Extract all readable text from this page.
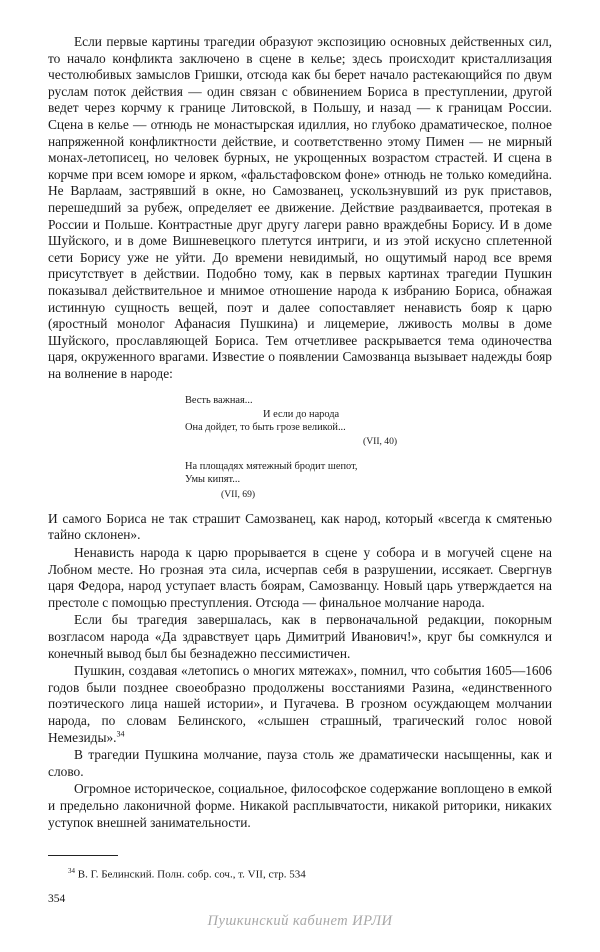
Если первые картины трагедии образуют экспозицию основных действенных сил, то начало конфликта заключено в сцене в келье; здесь происходит кристаллизация честолюбивых замыслов Гришки, отсюда как бы берет начало растекающийся по двум руслам поток действия — один связан с обвинением Бориса в преступлении, другой ведет через корчму к границе Литовской, в Польшу, и назад — к границам России. Сцена в келье — отнюдь не монастырская идиллия, но глубоко драматическое, полное напряженной конфликтности действие, и соответственно этому Пимен — не мирный монах-летописец, но человек бурных, не укрощенных возрастом страстей. И сцена в корчме при всем юморе и ярком, «фальстафовском фоне» отнюдь не только комедийна. Не Варлаам, застрявший в окне, но Самозванец, ускользнувший из рук приставов, перешедший за рубеж, определяет ее движение. Действие раздваивается, протекая в России и Польше. Контрастные друг другу лагери равно враждебны Борису. И в доме Шуйского, и в доме Вишневецкого плетутся интриги, и из этой искусно сплетенной сети Борису уже не уйти. До времени невидимый, но ощутимый народ все время присутствует в действии. Подобно тому, как в первых картинах трагедии Пушкин показывал действительное и мнимое отношение народа к избранию Бориса, обнажая истинную сущность вещей, поэт и далее сопоставляет ненависть бояр к царю (яростный монолог Афанасия Пушкина) и лицемерие, лживость молвы в доме Шуйского, прославляющей Бориса. Тем отчетливее раскрывается тема одиночества царя, окруженного врагами. Известие о появлении Самозванца вызывает надежды бояр на волнение в народе:

Весть важная...
И если до народа
Она дойдет, то быть грозе великой...
(VII, 40)
На площадях мятежный бродит шепот,
Умы кипят...
(VII, 69)

И самого Бориса не так страшит Самозванец, как народ, который «всегда к смятенью тайно склонен».

Ненависть народа к царю прорывается в сцене у собора и в могучей сцене на Лобном месте. Но грозная эта сила, исчерпав себя в разрушении, иссякает. Свергнув царя Федора, народ уступает власть боярам, Самозванцу. Новый царь утверждается на престоле с помощью преступления. Отсюда — финальное молчание народа.

Если бы трагедия завершалась, как в первоначальной редакции, покорным возгласом народа «Да здравствует царь Димитрий Иванович!», круг бы сомкнулся и конечный вывод был бы безнадежно пессимистичен.

Пушкин, создавая «летопись о многих мятежах», помнил, что события 1605—1606 годов были позднее своеобразно продолжены восстаниями Разина, «единственного поэтического лица нашей истории», и Пугачева. В грозном осуждающем молчании народа, по словам Белинского, «слышен страшный, трагический голос новой Немезиды».$^{34}$

В трагедии Пушкина молчание, пауза столь же драматически насыщенны, как и слово.

Огромное историческое, социальное, философское содержание воплощено в емкой и предельно лаконичной форме. Никакой расплывчатости, никакой риторики, никаких уступок внешней занимательности.

$^{34}$ В. Г. Белинский. Полн. собр. соч., т. VII, стр. 534
354
Пушкинский кабинет ИРЛИ
